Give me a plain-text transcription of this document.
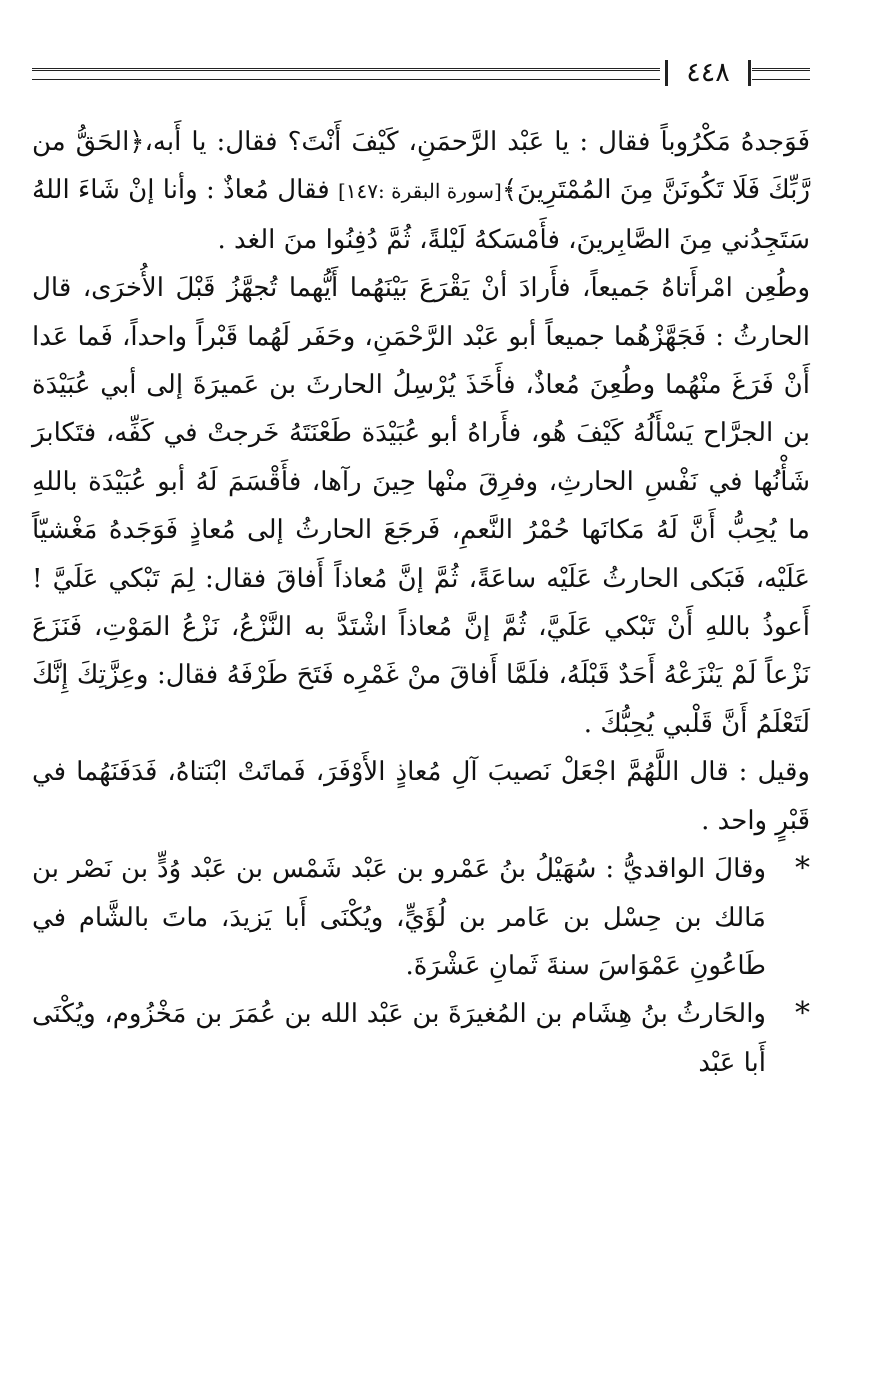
٤٤٨

فَوَجدهُ مَكْرُوباً فقال : يا عَبْد الرَّحمَنِ، كَيْفَ أَنْتَ؟ فقال: يا أَبه،﴿الحَقُّ من رَّبِّكَ فَلَا تَكُونَنَّ مِنَ المُمْتَرِينَ﴾[سورة البقرة :١٤٧] فقال مُعاذٌ : وأنا إنْ شَاءَ اللهُ سَتَجِدُني مِنَ الصَّابِرينَ، فأَمْسَكهُ لَيْلةً، ثُمَّ دُفِنُوا منَ الغد .

وطُعِن امْرأَتاهُ جَميعاً، فأَرادَ أنْ يَقْرَعَ بَيْنَهُما أَيُّهما تُجهَّزُ قَبْلَ الأُخرَى، قال الحارثُ : فَجَهَّزْهُما جميعاً أبو عَبْد الرَّحْمَنِ، وحَفَر لَهُما قَبْراً واحداً، فَما عَدا أَنْ فَرَغَ منْهُما وطُعِنَ مُعاذٌ، فأَخَذَ يُرْسِلُ الحارثَ بن عَميرَةَ إلى أبي عُبَيْدَة بن الجرَّاح يَسْأَلُهُ كَيْفَ هُو، فأَراهُ أبو عُبَيْدَة طَعْنَتَهُ خَرجتْ في كَفِّه، فتَكابرَ شَأْنُها في نَفْسِ الحارثِ، وفرِقَ منْها حِينَ رآها، فأَقْسَمَ لَهُ أبو عُبَيْدَة باللهِ ما يُحِبُّ أَنَّ لَهُ مَكانَها حُمْرُ النَّعمِ، فَرجَعَ الحارثُ إلى مُعاذٍ فَوَجَدهُ مَغْشيّاً عَلَيْه، فَبَكى الحارثُ عَلَيْه ساعَةً، ثُمَّ إنَّ مُعاذاً أَفاقَ فقال: لِمَ تَبْكي عَلَيَّ ! أَعوذُ باللهِ أَنْ تَبْكي عَلَيَّ، ثُمَّ إنَّ مُعاذاً اشْتَدَّ به النَّزْعُ، نَزْعُ المَوْتِ، فَنَزَعَ نَزْعاً لَمْ يَنْزَعْهُ أَحَدٌ قَبْلَهُ، فلَمَّا أَفاقَ منْ غَمْرِه فَتَحَ طَرْفَهُ فقال: وعِزَّتِكَ إِنَّكَ لَتَعْلَمُ أَنَّ قَلْبي يُحِبُّكَ .

وقيل : قال اللَّهُمَّ اجْعَلْ نَصيبَ آلِ مُعاذٍ الأَوْفَرَ، فَماتَتْ ابْنَتاهُ، فَدَفَنَهُما في قَبْرٍ واحد .

*
وقالَ الواقديُّ : سُهَيْلُ بنُ عَمْرو بن عَبْد شَمْس بن عَبْد وُدٍّ بن نَصْر بن مَالك بن حِسْل بن عَامر بن لُؤَيٍّ، ويُكْنَى أَبا يَزيدَ، ماتَ بالشَّام في طَاعُونِ عَمْوَاسَ سنةَ ثَمانِ عَشْرَةَ.

*
والحَارثُ بنُ هِشَام بن المُغيرَةَ بن عَبْد الله بن عُمَرَ بن مَخْزُوم، ويُكْنَى أَبا عَبْد
